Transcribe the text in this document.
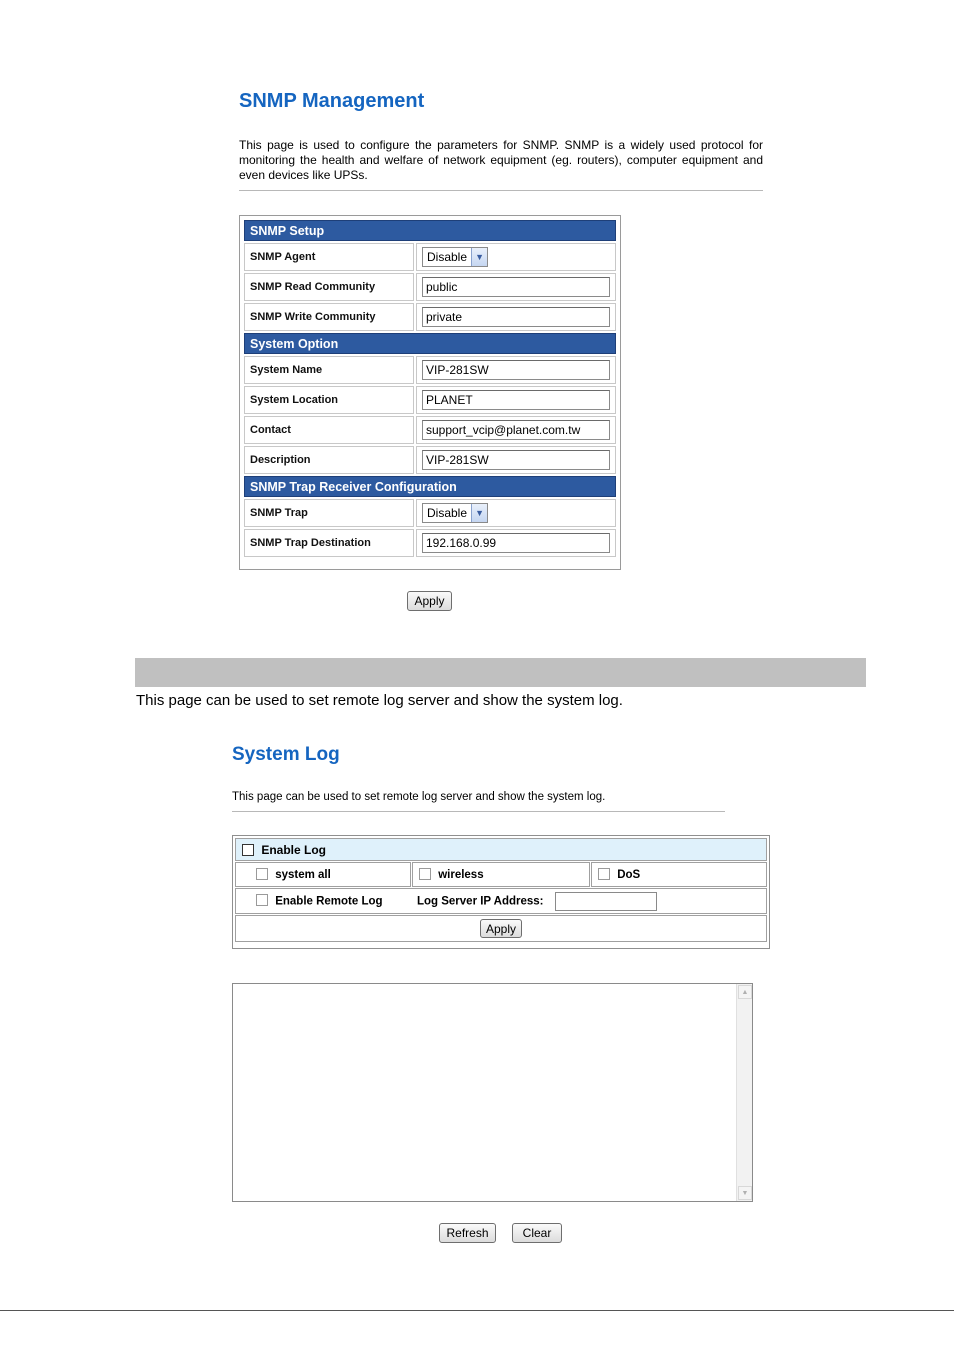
SNMP Management
This page is used to configure the parameters for SNMP. SNMP is a widely used protocol for monitoring the health and welfare of network equipment (eg. routers), computer equipment and even devices like UPSs.
SNMP Setup	
SNMP Agent	Disable ▼

SNMP Read Community	public

SNMP Write Community	private

System Option	
System Name	VIP-281SW

System Location	PLANET

Contact	support_vcip@planet.com.tw

Description	VIP-281SW

SNMP Trap Receiver Configuration	
SNMP Trap	Disable ▼

SNMP Trap Destination	192.168.0.99
Apply
This page can be used to set remote log server and show the system log.
System Log
This page can be used to set remote log server and show the system log.
Enable Log
system all	wireless	DoS
Enable Remote Log	Log Server IP Address:
Apply
▲
▼
Refresh	Clear
